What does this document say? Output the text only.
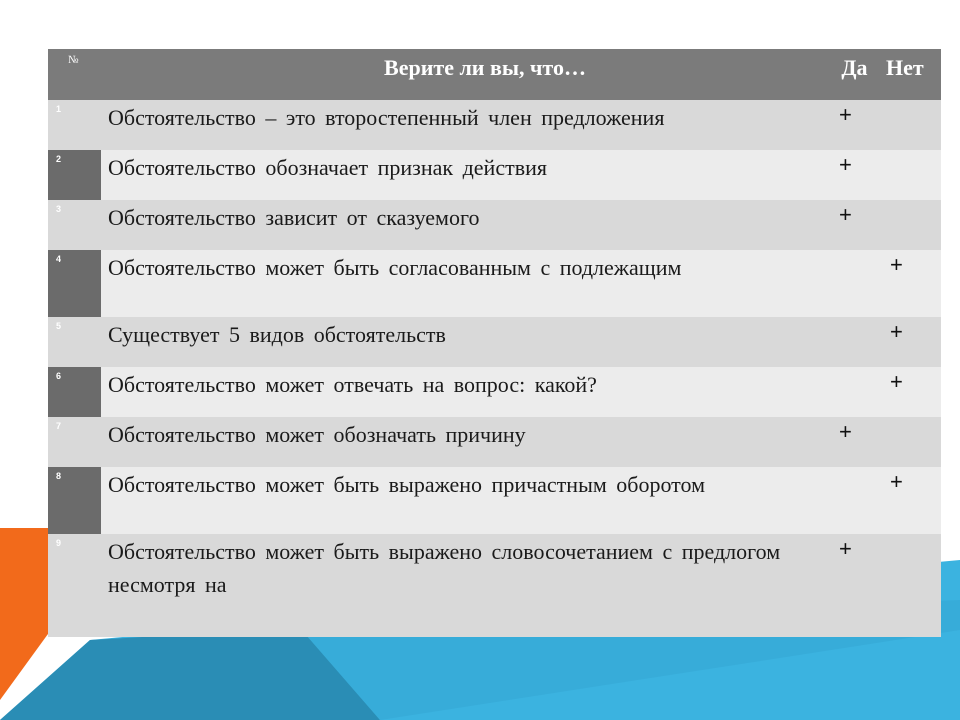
№	Верите ли вы, что…	Да	Нет
1	Обстоятельство – это второстепенный член предложения	+	
2	Обстоятельство обозначает признак действия	+	
3	Обстоятельство зависит от сказуемого	+	
4	Обстоятельство может быть согласованным с подлежащим		+
5	Существует 5 видов обстоятельств		+
6	Обстоятельство может отвечать на вопрос: какой?		+
7	Обстоятельство может обозначать причину	+	
8	Обстоятельство может быть выражено причастным оборотом		+
9	Обстоятельство может быть выражено словосочетанием с предлогом несмотря на	+	
